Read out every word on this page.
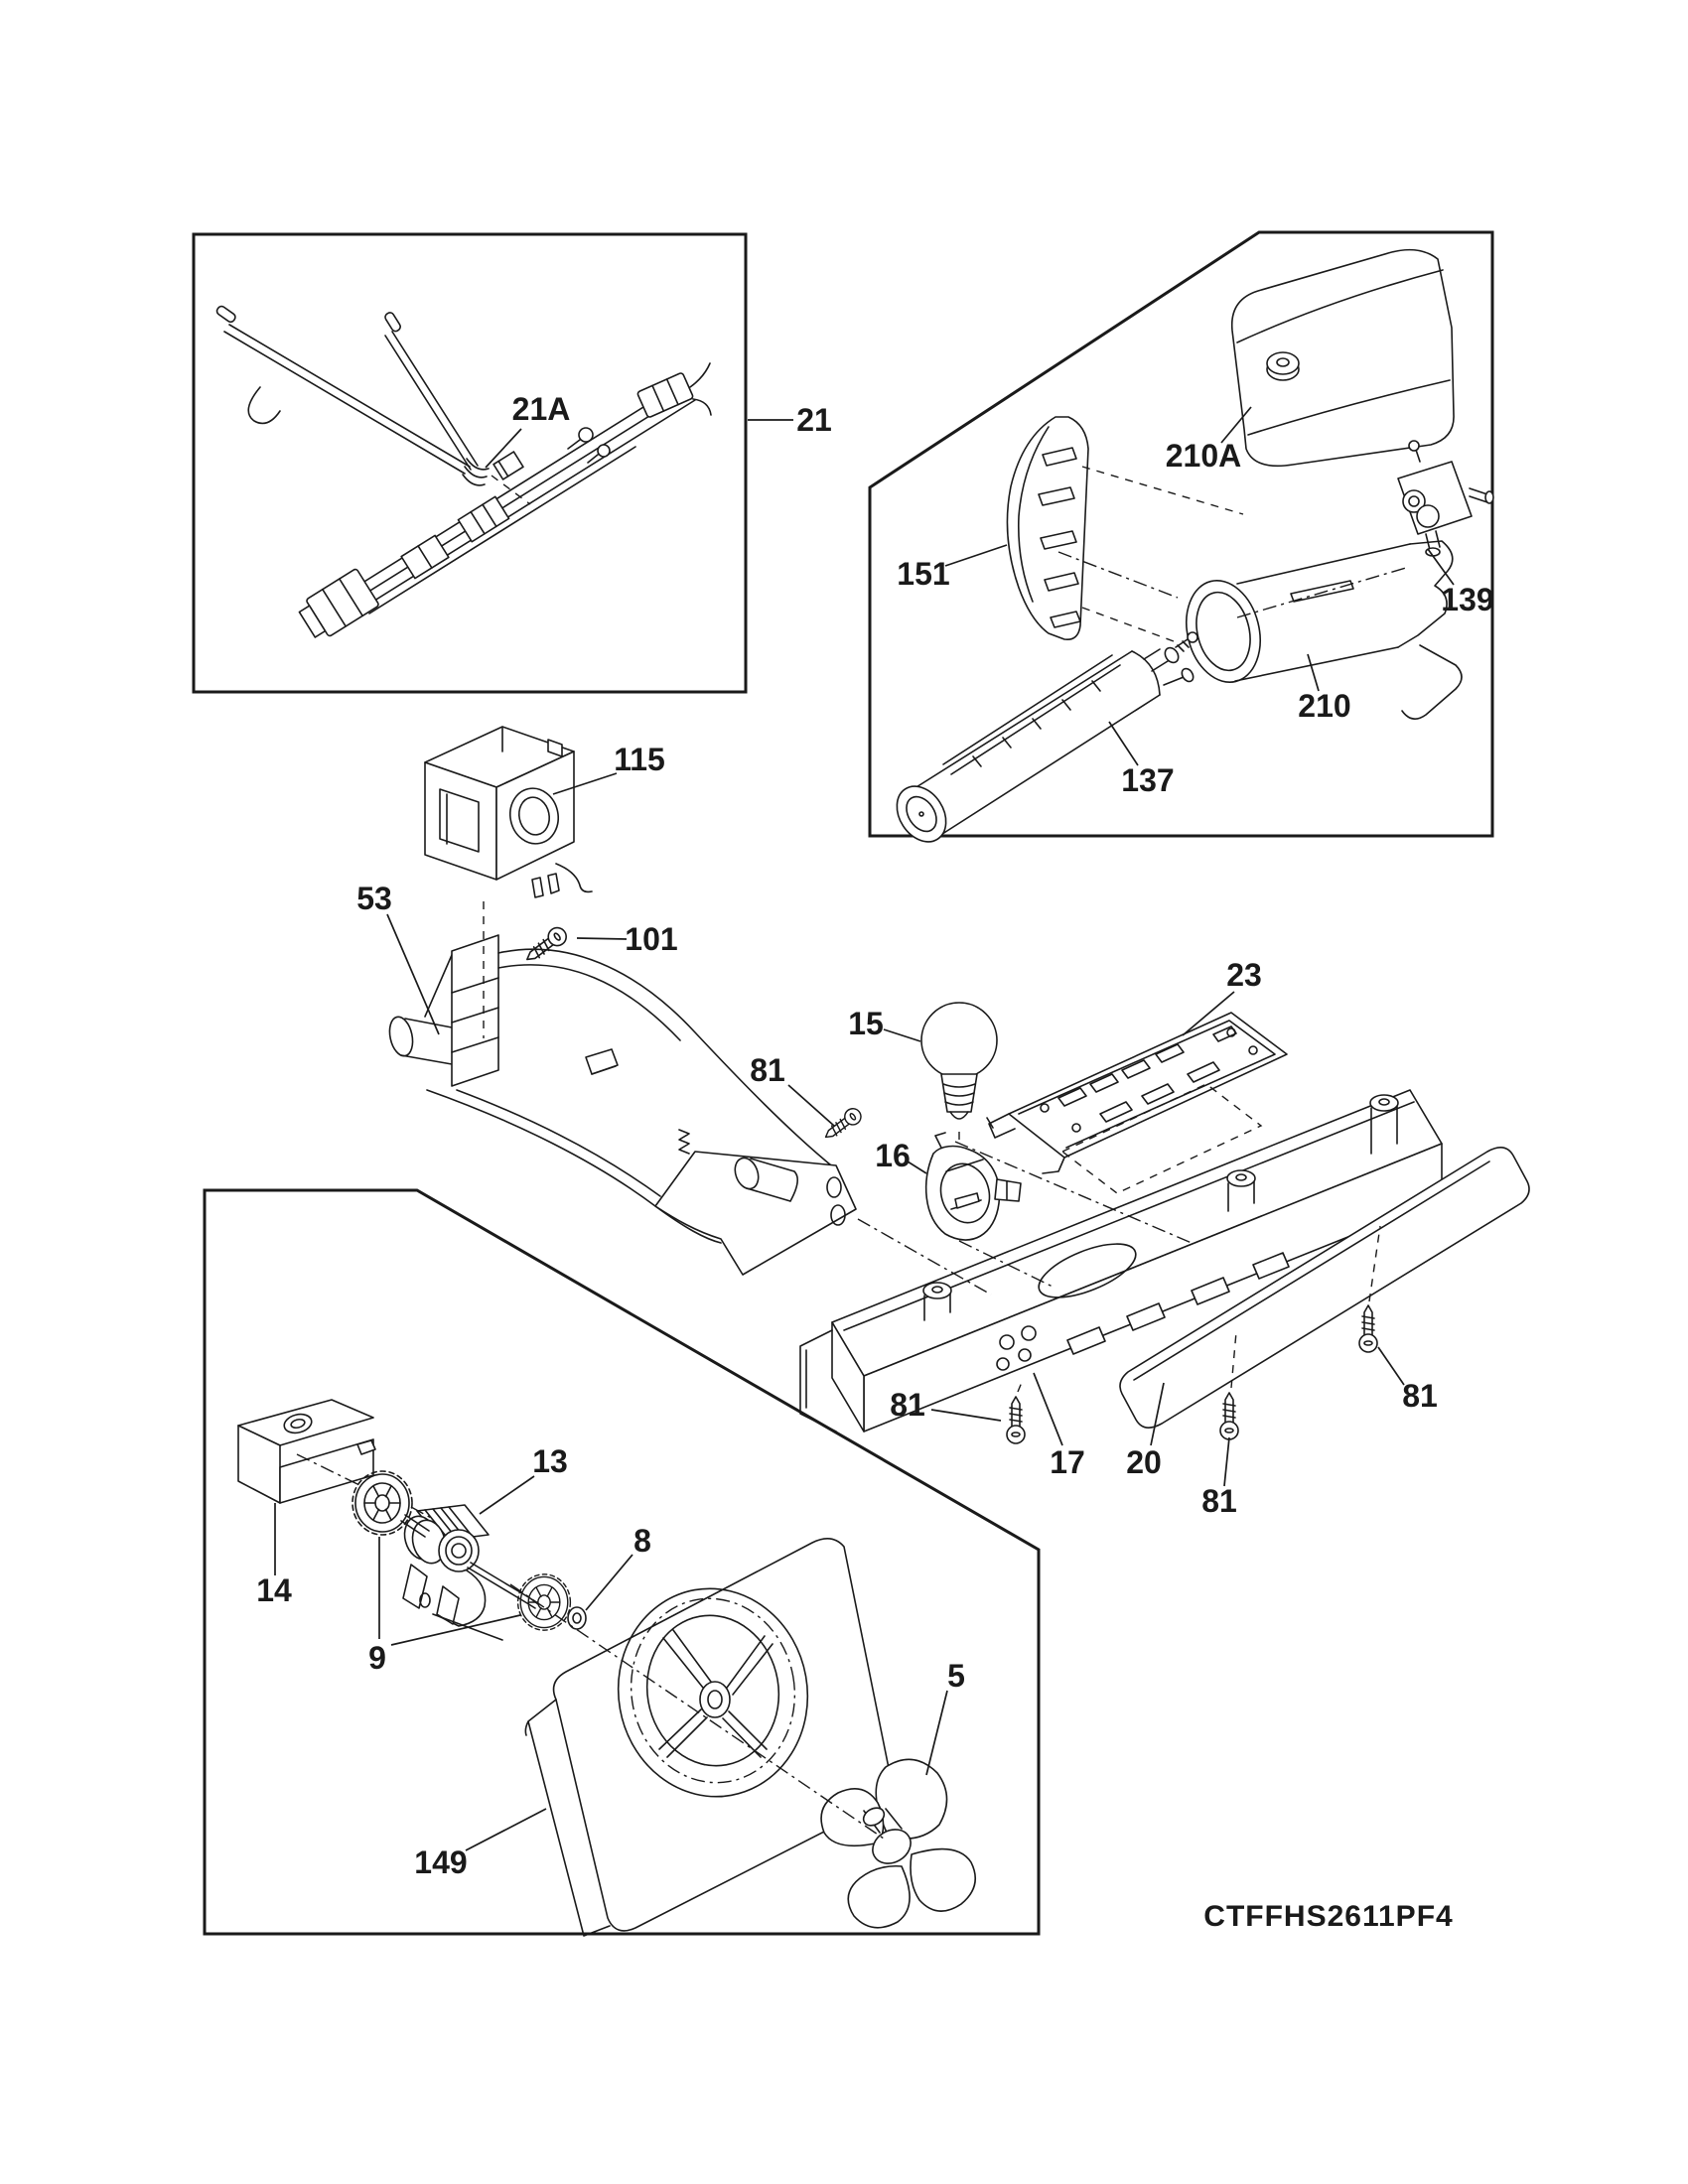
21A	21
210A
151
139
210
137
115
53
101
81
15
16
23
81
17 20
81
81
14
13
9
8
149
5
CTFFHS2611PF4
